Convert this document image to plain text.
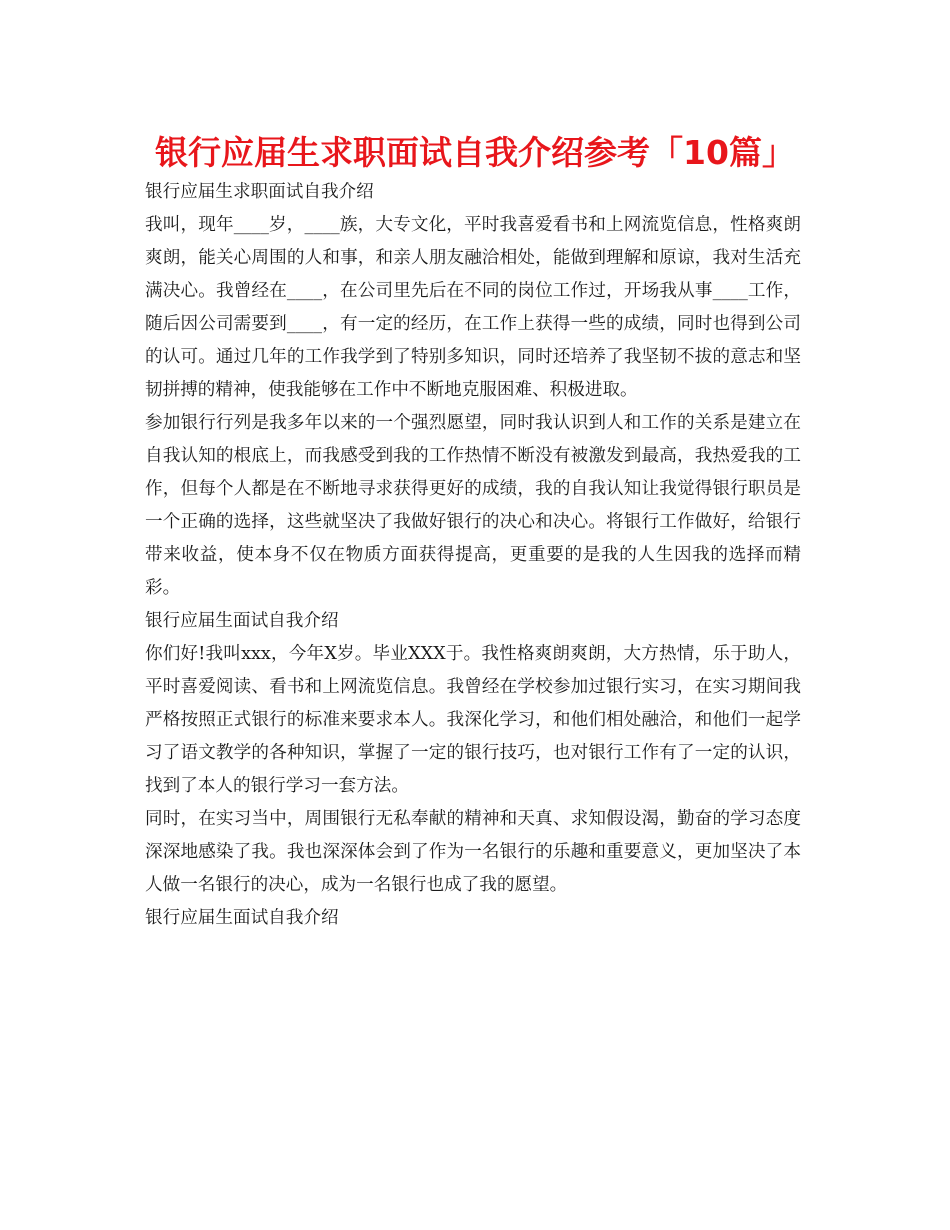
银行应届生求职面试自我介绍参考「10篇」

银行应届生求职面试自我介绍

我叫，现年____岁，____族，大专文化，平时我喜爱看书和上网流览信息，性格爽朗爽朗，能关心周围的人和事，和亲人朋友融洽相处，能做到理解和原谅，我对生活充满决心。我曾经在____，在公司里先后在不同的岗位工作过，开场我从事____工作，随后因公司需要到____，有一定的经历，在工作上获得一些的成绩，同时也得到公司的认可。通过几年的工作我学到了特别多知识，同时还培养了我坚韧不拔的意志和坚韧拼搏的精神，使我能够在工作中不断地克服困难、积极进取。

参加银行行列是我多年以来的一个强烈愿望，同时我认识到人和工作的关系是建立在自我认知的根底上，而我感受到我的工作热情不断没有被激发到最高，我热爱我的工作，但每个人都是在不断地寻求获得更好的成绩，我的自我认知让我觉得银行职员是一个正确的选择，这些就坚决了我做好银行的决心和决心。将银行工作做好，给银行带来收益，使本身不仅在物质方面获得提高，更重要的是我的人生因我的选择而精彩。

银行应届生面试自我介绍

你们好!我叫xxx，今年X岁。毕业XXX于。我性格爽朗爽朗，大方热情，乐于助人，平时喜爱阅读、看书和上网流览信息。我曾经在学校参加过银行实习，在实习期间我严格按照正式银行的标准来要求本人。我深化学习，和他们相处融洽，和他们一起学习了语文教学的各种知识，掌握了一定的银行技巧，也对银行工作有了一定的认识，找到了本人的银行学习一套方法。

同时，在实习当中，周围银行无私奉献的精神和天真、求知假设渴，勤奋的学习态度深深地感染了我。我也深深体会到了作为一名银行的乐趣和重要意义，更加坚决了本人做一名银行的决心，成为一名银行也成了我的愿望。

银行应届生面试自我介绍
